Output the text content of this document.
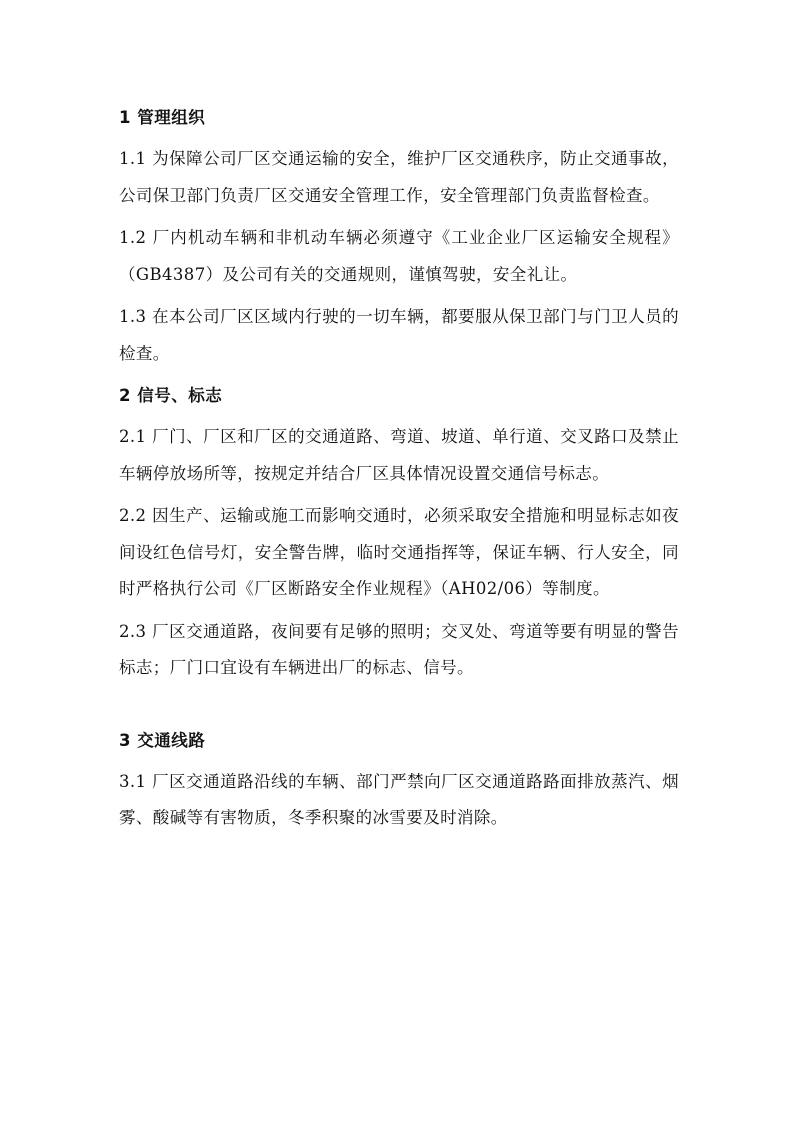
1 管理组织

1.1 为保障公司厂区交通运输的安全，维护厂区交通秩序，防止交通事故，公司保卫部门负责厂区交通安全管理工作，安全管理部门负责监督检查。

1.2 厂内机动车辆和非机动车辆必须遵守《工业企业厂区运输安全规程》（GB4387）及公司有关的交通规则，谨慎驾驶，安全礼让。

1.3 在本公司厂区区域内行驶的一切车辆，都要服从保卫部门与门卫人员的检查。

2 信号、标志

2.1 厂门、厂区和厂区的交通道路、弯道、坡道、单行道、交叉路口及禁止车辆停放场所等，按规定并结合厂区具体情况设置交通信号标志。

2.2 因生产、运输或施工而影响交通时，必须采取安全措施和明显标志如夜间设红色信号灯，安全警告牌，临时交通指挥等，保证车辆、行人安全，同时严格执行公司《厂区断路安全作业规程》（AH02/06）等制度。

2.3 厂区交通道路，夜间要有足够的照明；交叉处、弯道等要有明显的警告标志；厂门口宜设有车辆进出厂的标志、信号。

3 交通线路

3.1 厂区交通道路沿线的车辆、部门严禁向厂区交通道路路面排放蒸汽、烟雾、酸碱等有害物质，冬季积聚的冰雪要及时消除。
